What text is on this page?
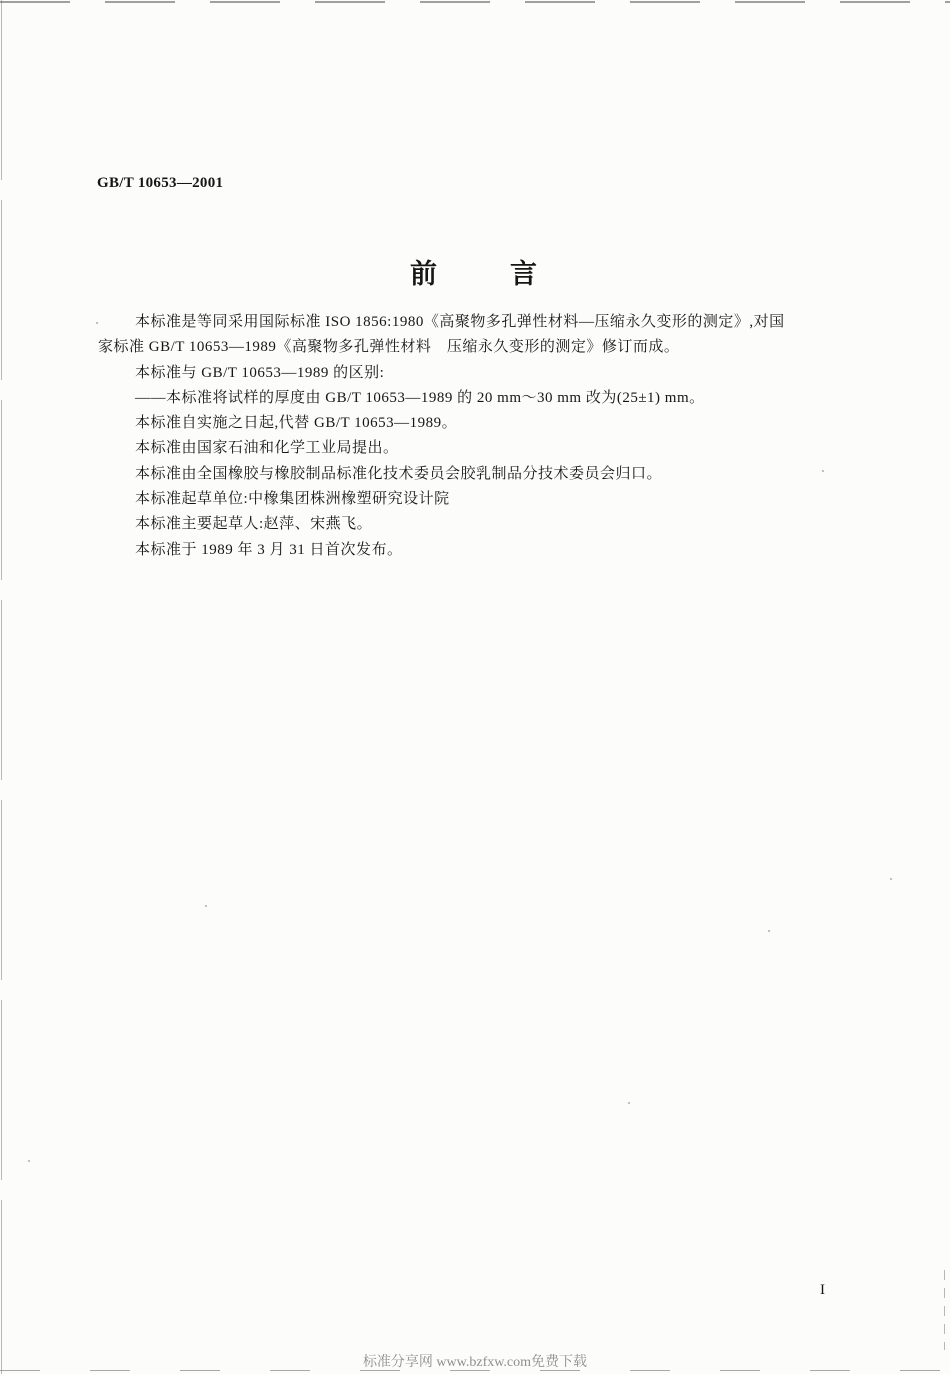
GB/T 10653—2001
前　言
本标准是等同采用国际标准 ISO 1856:1980《高聚物多孔弹性材料—压缩永久变形的测定》,对国
家标准 GB/T 10653—1989《高聚物多孔弹性材料　压缩永久变形的测定》修订而成。
本标准与 GB/T 10653—1989 的区别:
——本标准将试样的厚度由 GB/T 10653—1989 的 20 mm～30 mm 改为(25±1) mm。
本标准自实施之日起,代替 GB/T 10653—1989。
本标准由国家石油和化学工业局提出。
本标准由全国橡胶与橡胶制品标准化技术委员会胶乳制品分技术委员会归口。
本标准起草单位:中橡集团株洲橡塑研究设计院
本标准主要起草人:赵萍、宋燕飞。
本标准于 1989 年 3 月 31 日首次发布。
I
标准分享网 www.bzfxw.com免费下载
